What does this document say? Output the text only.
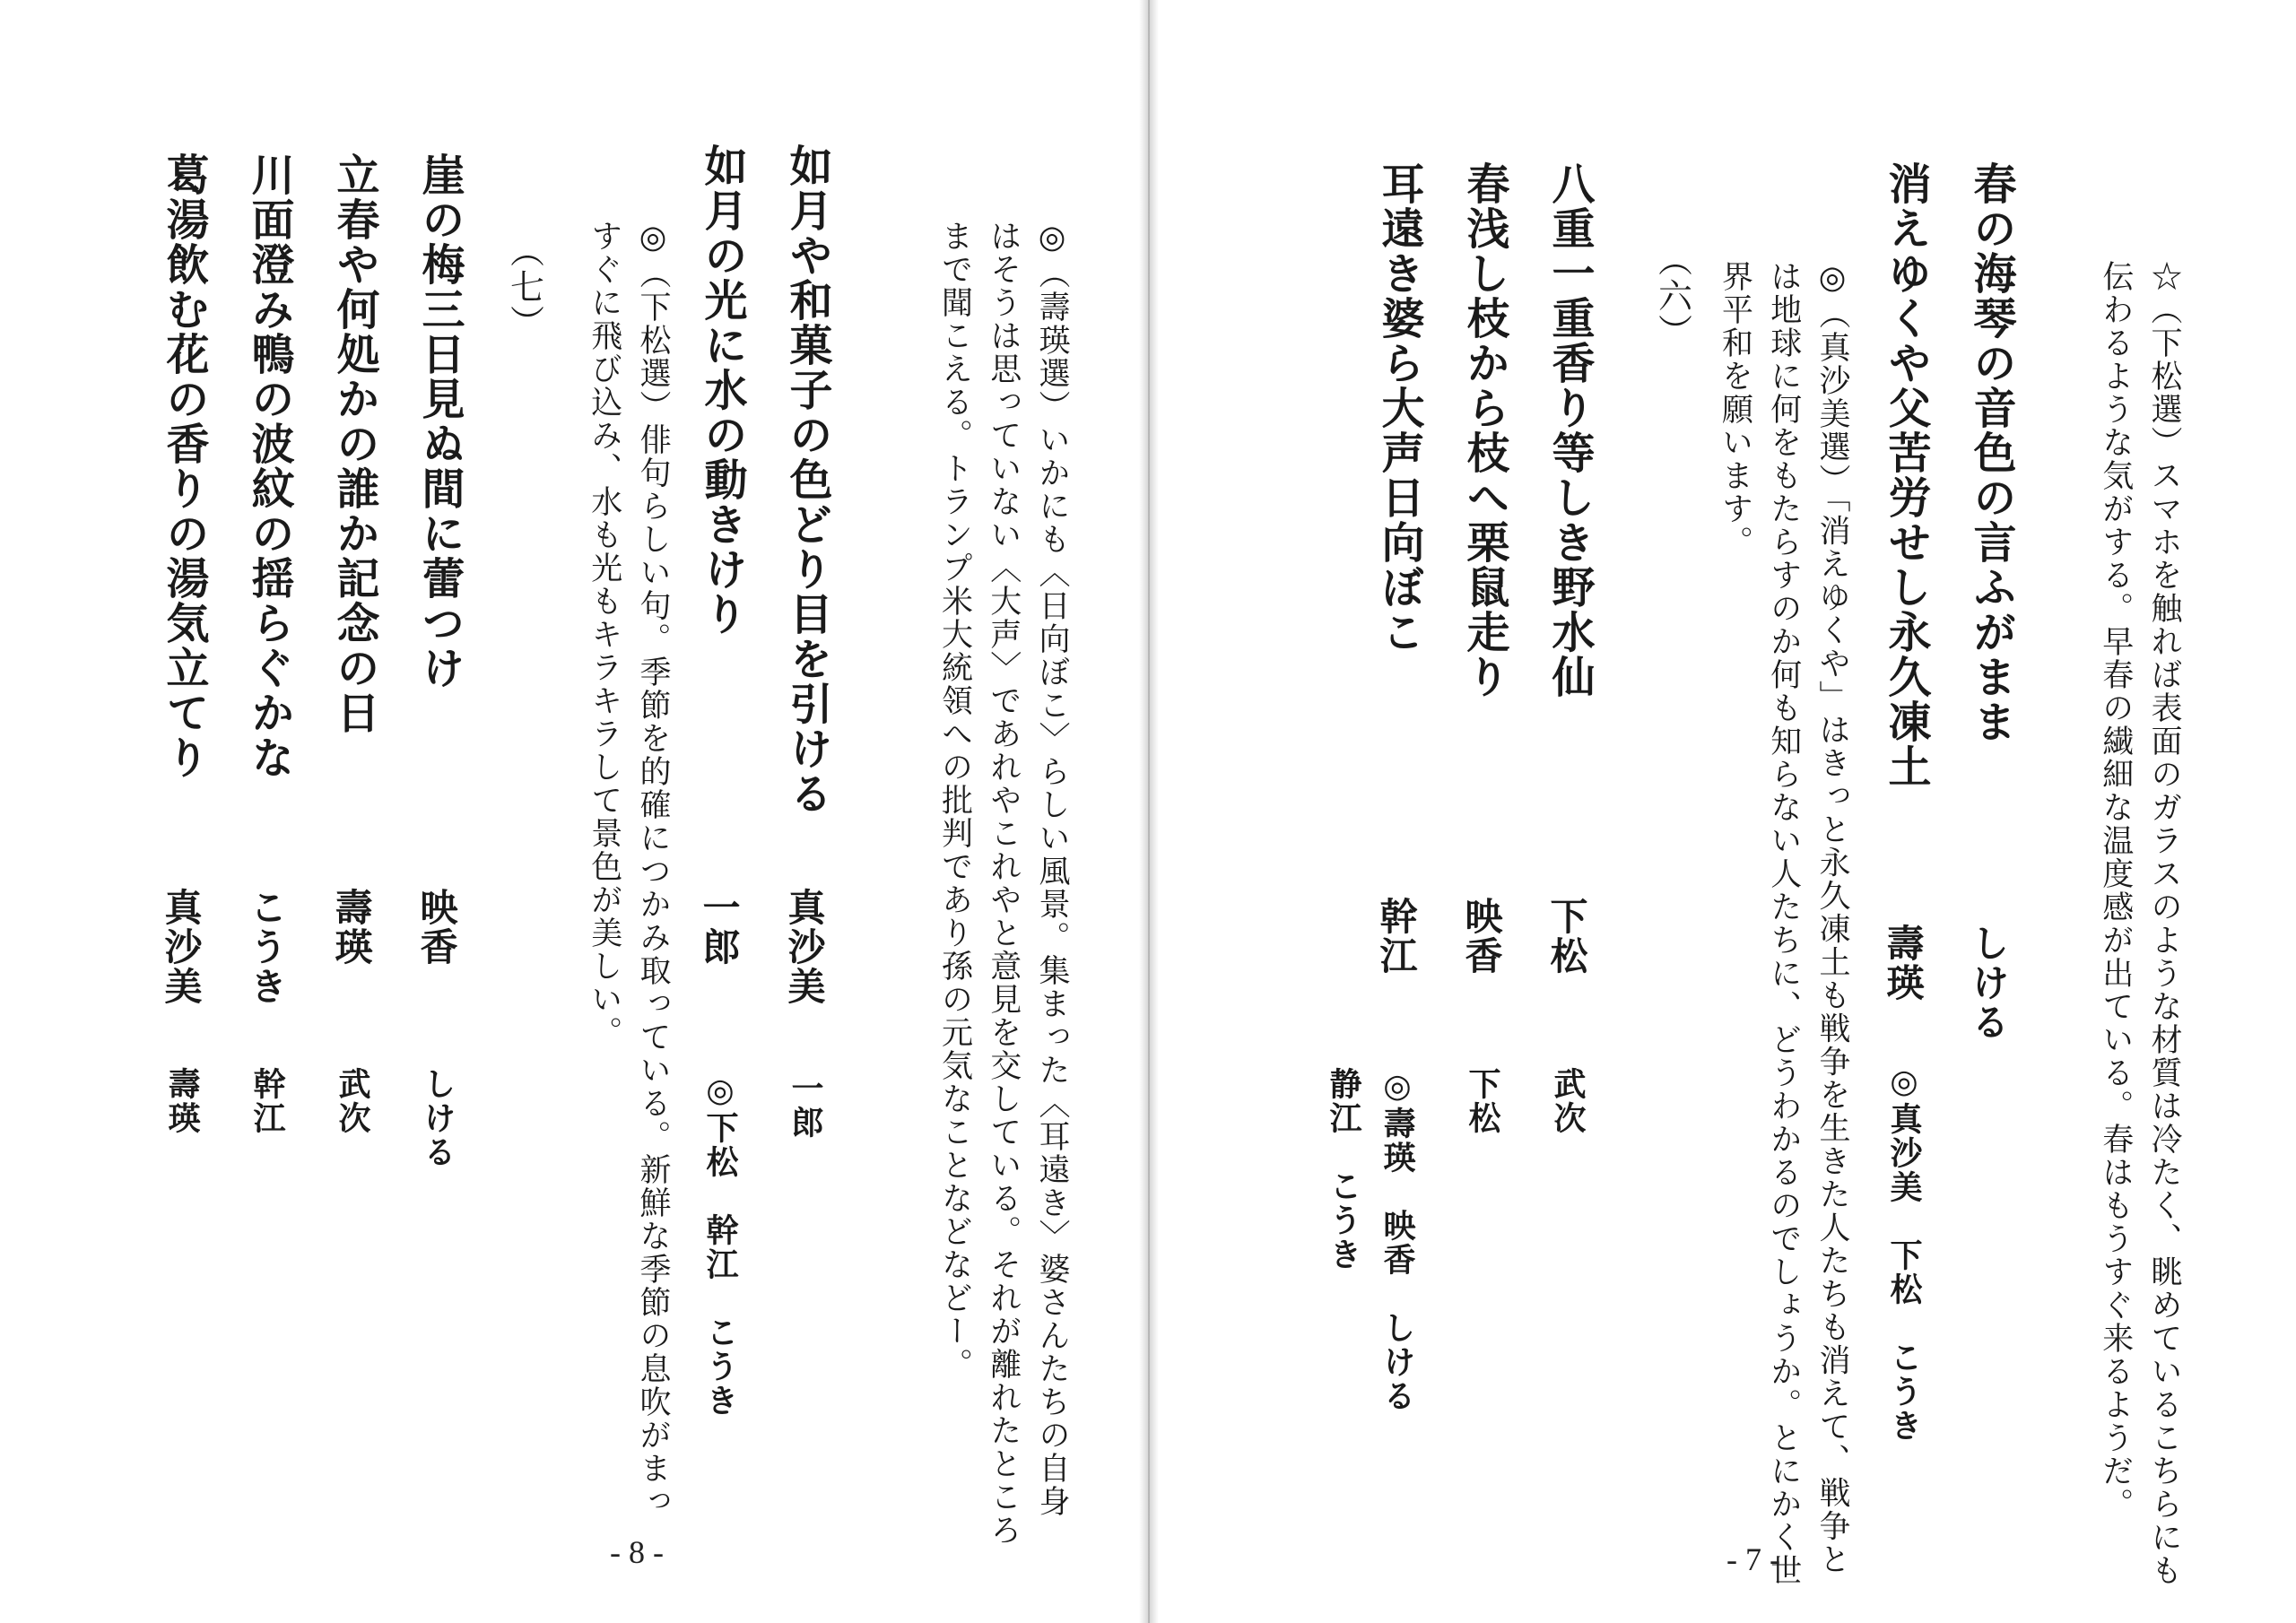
☆（下松選）スマホを触れば表面のガラスのような材質は冷たく、眺めているこちらにも伝わるような気がする。早春の繊細な温度感が出ている。春はもうすぐ来るようだ。
春の海琴の音色の言ふがまま
しける
消えゆくや父苦労せし永久凍土
壽瑛
◎真沙美　下松　こうき
◎（真沙美選）「消えゆくや」はきっと永久凍土も戦争を生きた人たちも消えて、戦争とは地球に何をもたらすのか何も知らない人たちに、どうわかるのでしょうか。とにかく世界平和を願います。
（六）
八重一重香り等しき野水仙
下松
武次
春浅し枝から枝へ栗鼠走り
映香
下松
耳遠き婆ら大声日向ぼこ
幹江
◎壽瑛　映香　しける
静江　こうき
- 7 -
◎（壽瑛選）いかにも〈日向ぼこ〉らしい風景。集まった〈耳遠き〉婆さんたちの自身はそうは思っていない〈大声〉であれやこれやと意見を交している。それが離れたところまで聞こえる。トランプ米大統領への批判であり孫の元気なことなどなどー。
如月や和菓子の色どり目を引ける
真沙美
一郎
如月の光に水の動きけり
一郎
◎下松　幹江　こうき
◎（下松選）俳句らしい句。季節を的確につかみ取っている。新鮮な季節の息吹がまっすぐに飛び込み、水も光もキラキラして景色が美しい。
（七）
崖の梅三日見ぬ間に蕾つけ
映香
しける
立春や何処かの誰か記念の日
壽瑛
武次
川面澄み鴨の波紋の揺らぐかな
こうき
幹江
葛湯飲む花の香りの湯気立てり
真沙美
壽瑛
- 8 -
